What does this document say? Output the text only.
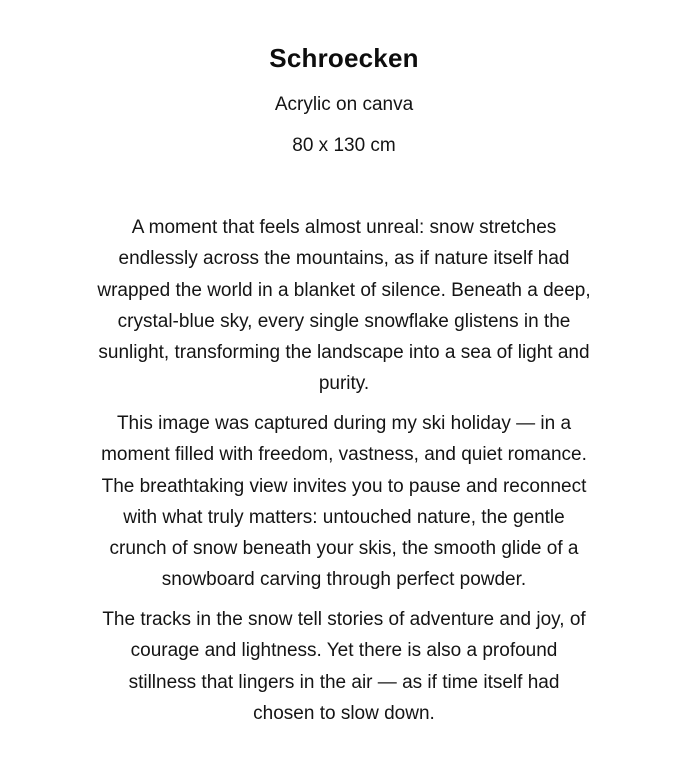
Schroecken
Acrylic on canva
80 x 130 cm

A moment that feels almost unreal: snow stretches
endlessly across the mountains, as if nature itself had
wrapped the world in a blanket of silence. Beneath a deep,
crystal-blue sky, every single snowflake glistens in the
sunlight, transforming the landscape into a sea of light and
purity.

This image was captured during my ski holiday — in a
moment filled with freedom, vastness, and quiet romance.
The breathtaking view invites you to pause and reconnect
with what truly matters: untouched nature, the gentle
crunch of snow beneath your skis, the smooth glide of a
snowboard carving through perfect powder.

The tracks in the snow tell stories of adventure and joy, of
courage and lightness. Yet there is also a profound
stillness that lingers in the air — as if time itself had
chosen to slow down.
